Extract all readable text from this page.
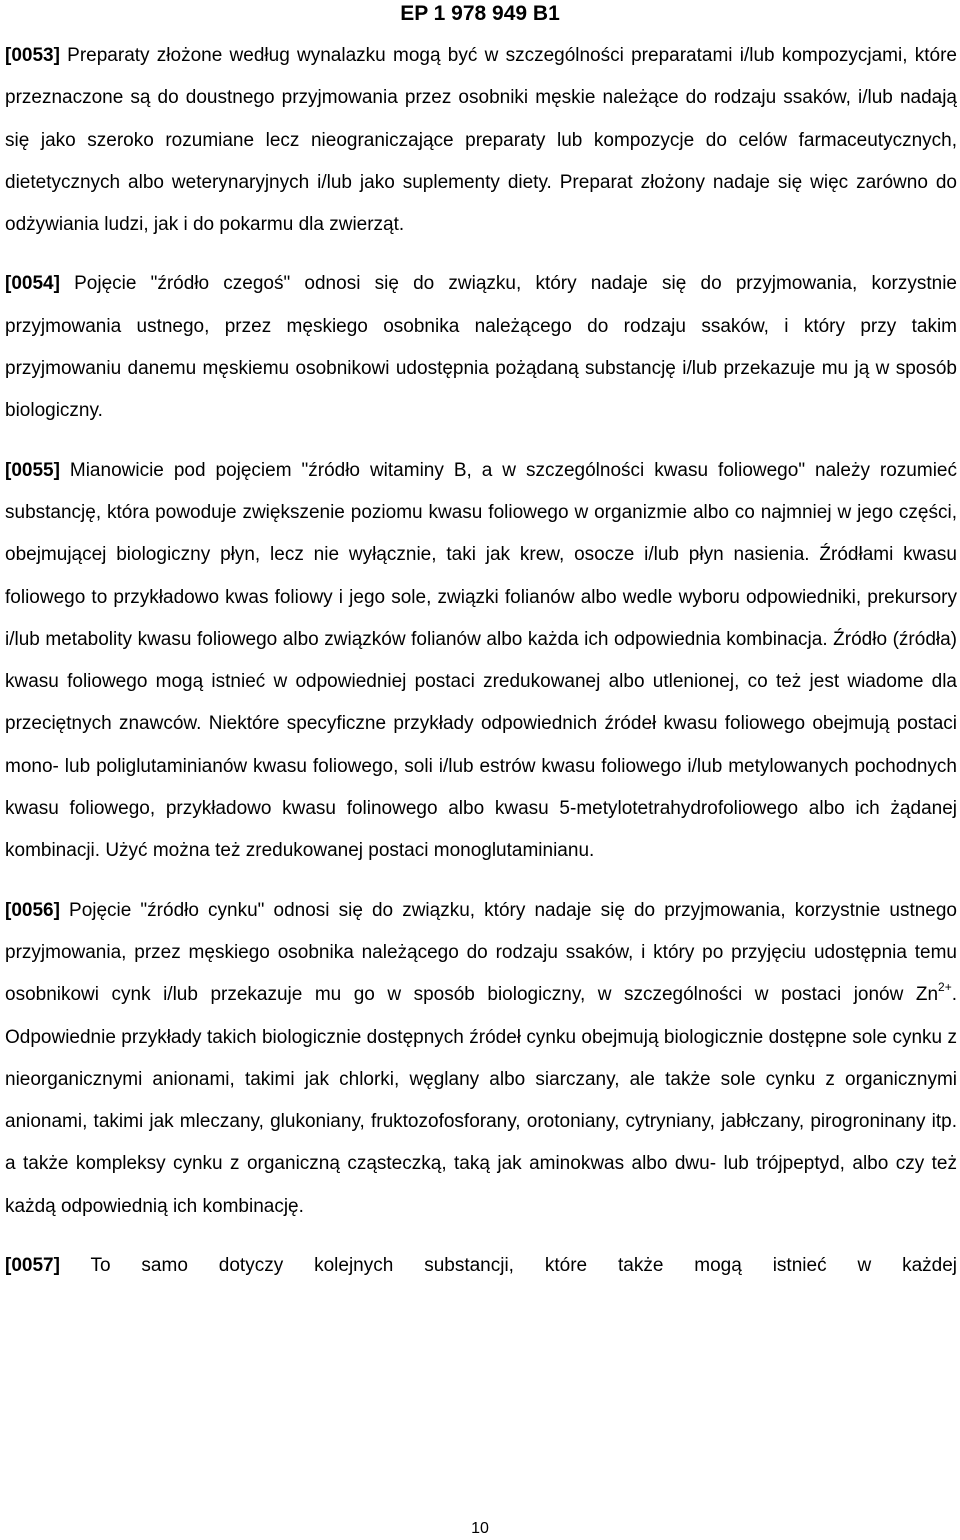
EP 1 978 949 B1

[0053] Preparaty złożone według wynalazku mogą być w szczególności preparatami i/lub kompozycjami, które przeznaczone są do doustnego przyjmowania przez osobniki męskie należące do rodzaju ssaków, i/lub nadają się jako szeroko rozumiane lecz nieograniczające preparaty lub kompozycje do celów farmaceutycznych, dietetycznych albo weterynaryjnych i/lub jako suplementy diety. Preparat złożony nadaje się więc zarówno do odżywiania ludzi, jak i do pokarmu dla zwierząt.

[0054] Pojęcie "źródło czegoś" odnosi się do związku, który nadaje się do przyjmowania, korzystnie przyjmowania ustnego, przez męskiego osobnika należącego do rodzaju ssaków, i który przy takim przyjmowaniu danemu męskiemu osobnikowi udostępnia pożądaną substancję i/lub przekazuje mu ją w sposób biologiczny.

[0055] Mianowicie pod pojęciem "źródło witaminy B, a w szczególności kwasu foliowego" należy rozumieć substancję, która powoduje zwiększenie poziomu kwasu foliowego w organizmie albo co najmniej w jego części, obejmującej biologiczny płyn, lecz nie wyłącznie, taki jak krew, osocze i/lub płyn nasienia. Źródłami kwasu foliowego to przykładowo kwas foliowy i jego sole, związki folianów albo wedle wyboru odpowiedniki, prekursory i/lub metabolity kwasu foliowego albo związków folianów albo każda ich odpowiednia kombinacja. Źródło (źródła) kwasu foliowego mogą istnieć w odpowiedniej postaci zredukowanej albo utlenionej, co też jest wiadome dla przeciętnych znawców. Niektóre specyficzne przykłady odpowiednich źródeł kwasu foliowego obejmują postaci mono- lub poliglutaminianów kwasu foliowego, soli i/lub estrów kwasu foliowego i/lub metylowanych pochodnych kwasu foliowego, przykładowo kwasu folinowego albo kwasu 5-metylotetrahydrofoliowego albo ich żądanej kombinacji. Użyć można też zredukowanej postaci monoglutaminianu.

[0056] Pojęcie "źródło cynku" odnosi się do związku, który nadaje się do przyjmowania, korzystnie ustnego przyjmowania, przez męskiego osobnika należącego do rodzaju ssaków, i który po przyjęciu udostępnia temu osobnikowi cynk i/lub przekazuje mu go w sposób biologiczny, w szczególności w postaci jonów $Zn^{2+}$. Odpowiednie przykłady takich biologicznie dostępnych źródeł cynku obejmują biologicznie dostępne sole cynku z nieorganicznymi anionami, takimi jak chlorki, węglany albo siarczany, ale także sole cynku z organicznymi anionami, takimi jak mleczany, glukoniany, fruktozofosforany, orotoniany, cytryniany, jabłczany, pirogroninany itp. a także kompleksy cynku z organiczną cząsteczką, taką jak aminokwas albo dwu- lub trójpeptyd, albo czy też każdą odpowiednią ich kombinację.

[0057] To samo dotyczy kolejnych substancji, które także mogą istnieć w każdej

10
